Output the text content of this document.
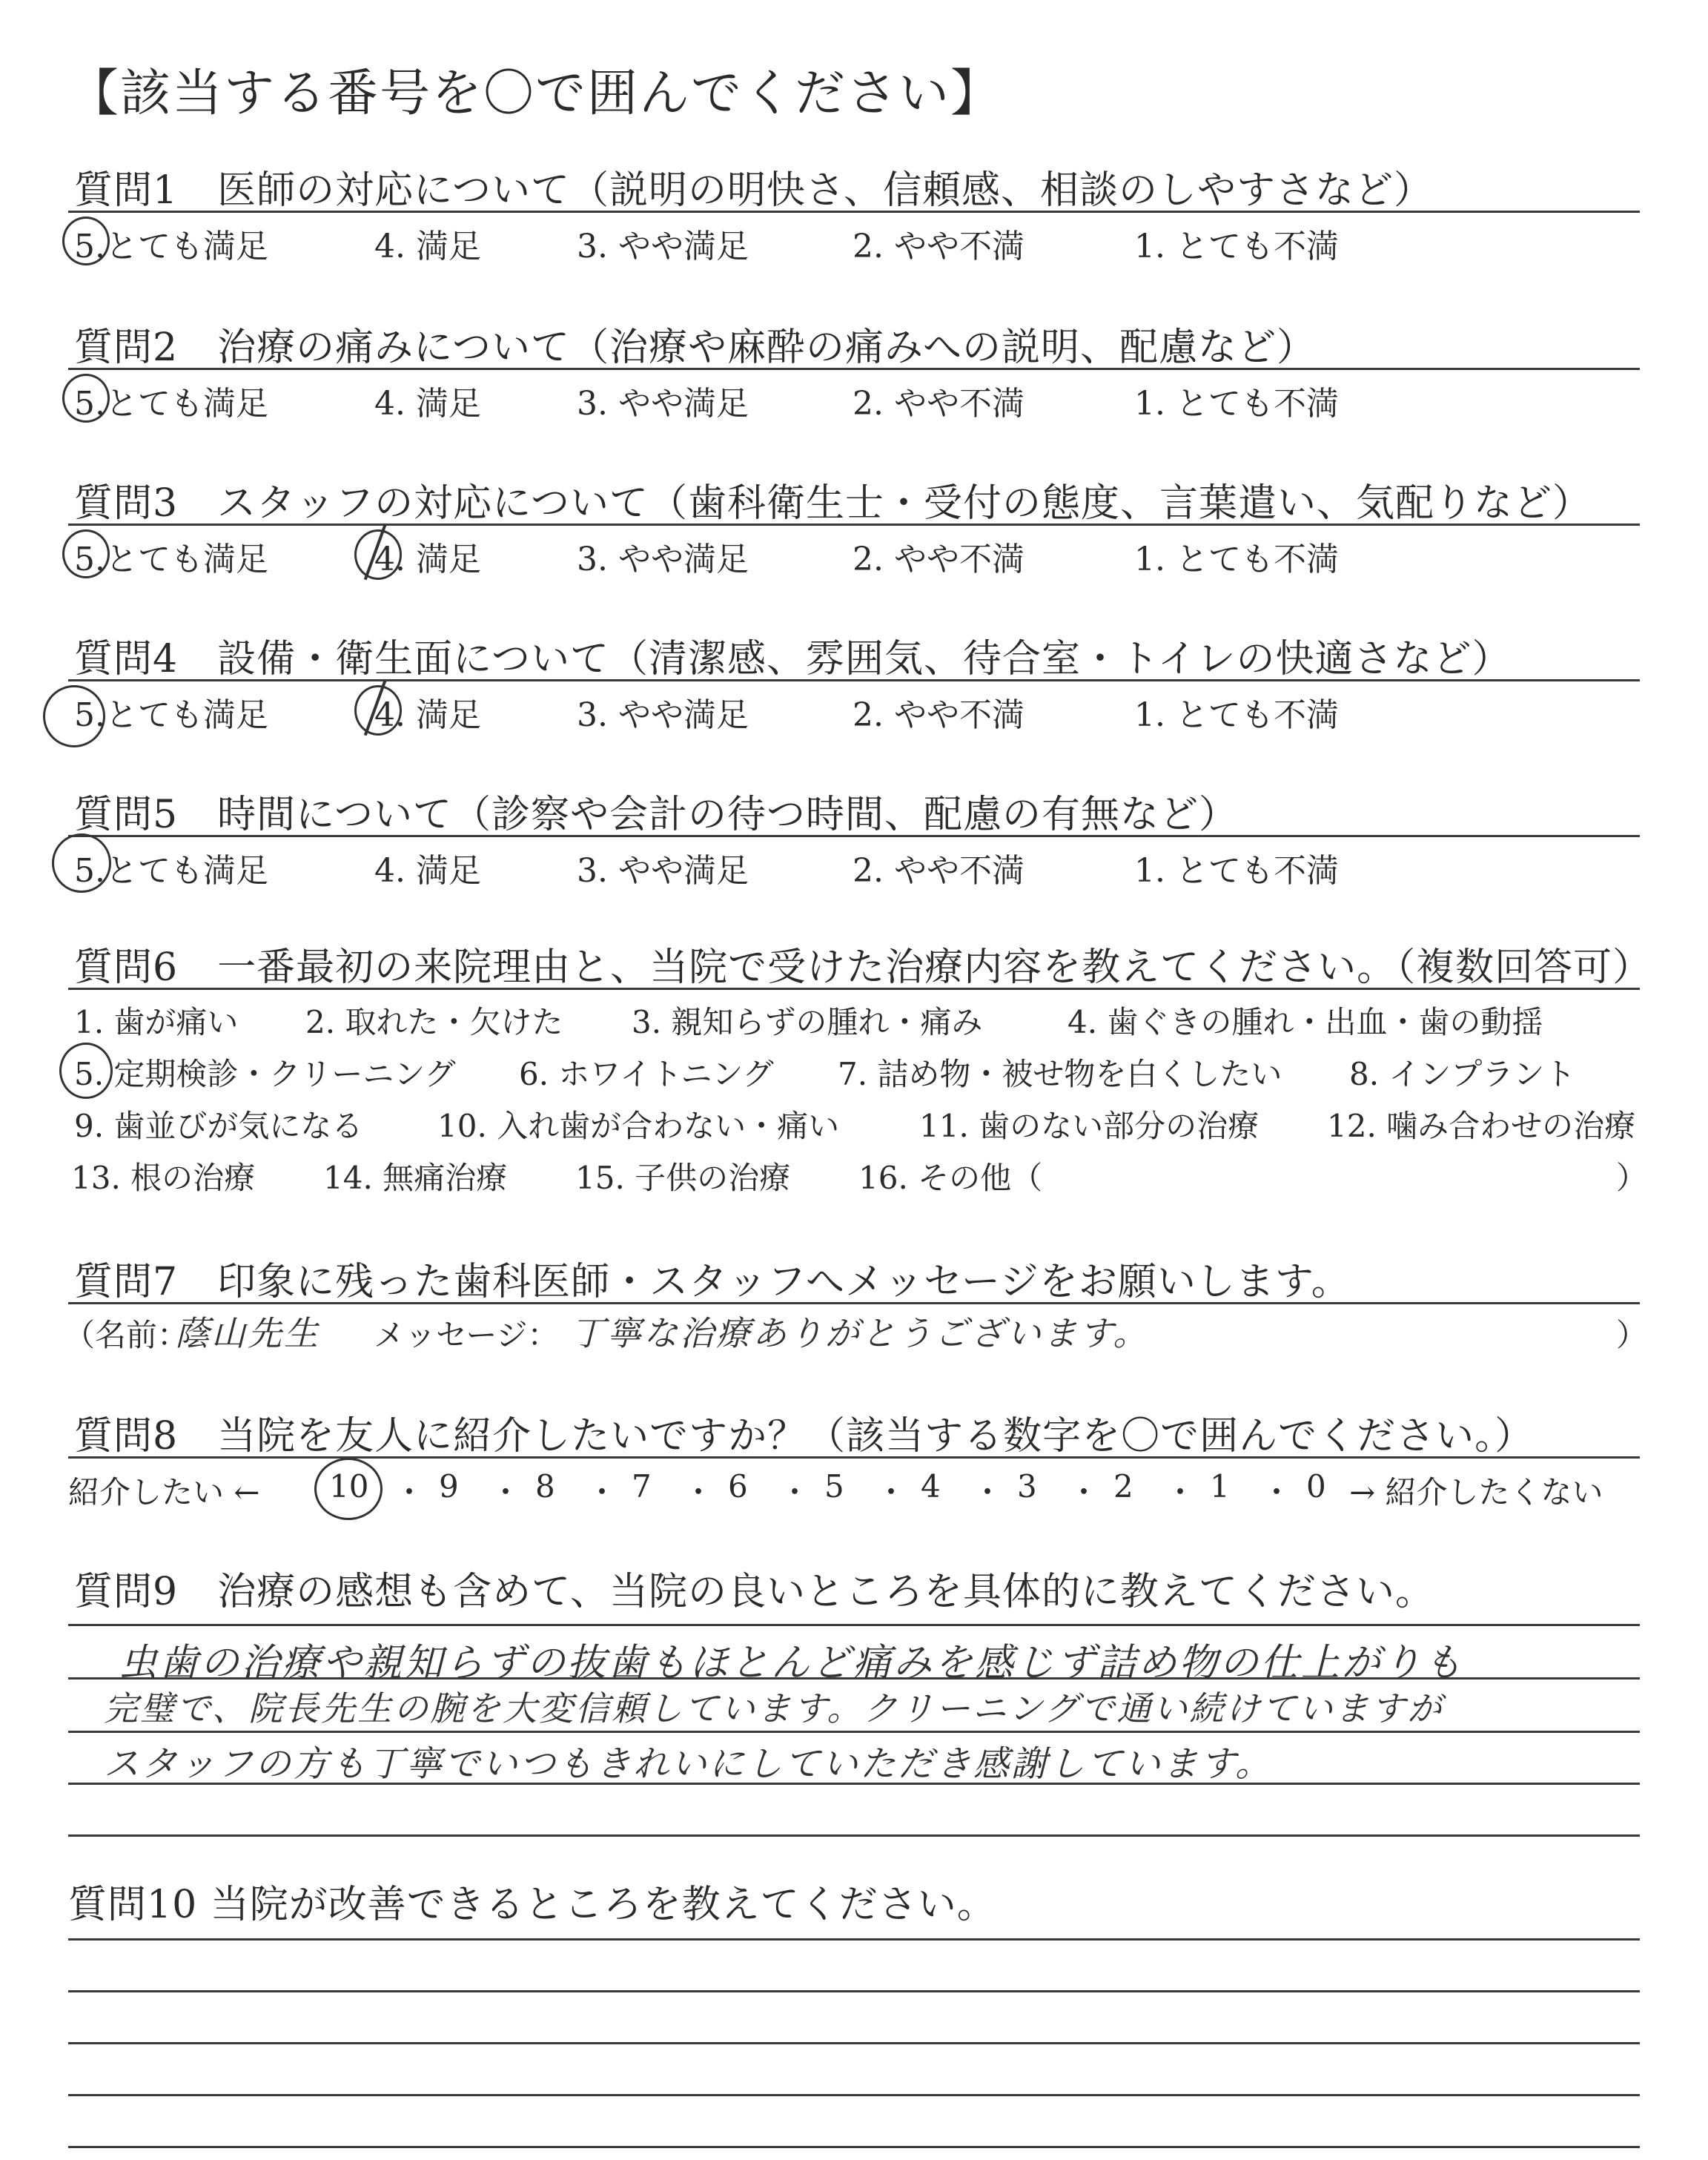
【該当する番号を〇で囲んでください】
質問1　医師の対応について（説明の明快さ、信頼感、相談のしやすさなど）
5.とても満足	4. 満足	3. やや満足	2. やや不満	1. とても不満
質問2　治療の痛みについて（治療や麻酔の痛みへの説明、配慮など）
5.とても満足	4. 満足	3. やや満足	2. やや不満	1. とても不満
質問3　スタッフの対応について（歯科衛生士・受付の態度、言葉遣い、気配りなど）
5.とても満足	4. 満足	3. やや満足	2. やや不満	1. とても不満
質問4　設備・衛生面について（清潔感、雰囲気、待合室・トイレの快適さなど）
5.とても満足	4. 満足	3. やや満足	2. やや不満	1. とても不満
質問5　時間について（診察や会計の待つ時間、配慮の有無など）
5.とても満足	4. 満足	3. やや満足	2. やや不満	1. とても不満
質問6　一番最初の来院理由と、当院で受けた治療内容を教えてください。（複数回答可）
1. 歯が痛い 2. 取れた・欠けた 3. 親知らずの腫れ・痛み	4. 歯ぐきの腫れ・出血・歯の動揺
5. 定期検診・クリーニング 6. ホワイトニング 7. 詰め物・被せ物を白くしたい 8. インプラント
9. 歯並びが気になる 10. 入れ歯が合わない・痛い	11. 歯のない部分の治療 12. 噛み合わせの治療
13. 根の治療 14. 無痛治療 15. 子供の治療 16. その他（	）
質問7　印象に残った歯科医師・スタッフへメッセージをお願いします。
（名前：
蔭山先生 メッセージ： 丁寧な治療ありがとうございます。	）
質問8　当院を友人に紹介したいですか？（該当する数字を〇で囲んでください。）
紹介したい ← 10 ・ 9 ・ 8 ・ 7 ・ 6 ・ 5 ・ 4 ・ 3 ・ 2 ・ 1 ・ 0 → 紹介したくない
質問9　治療の感想も含めて、当院の良いところを具体的に教えてください。
虫歯の治療や親知らずの抜歯もほとんど痛みを感じず詰め物の仕上がりも
完璧で、院長先生の腕を大変信頼しています。クリーニングで通い続けていますが
スタッフの方も丁寧でいつもきれいにしていただき感謝しています。
質問10 当院が改善できるところを教えてください。
